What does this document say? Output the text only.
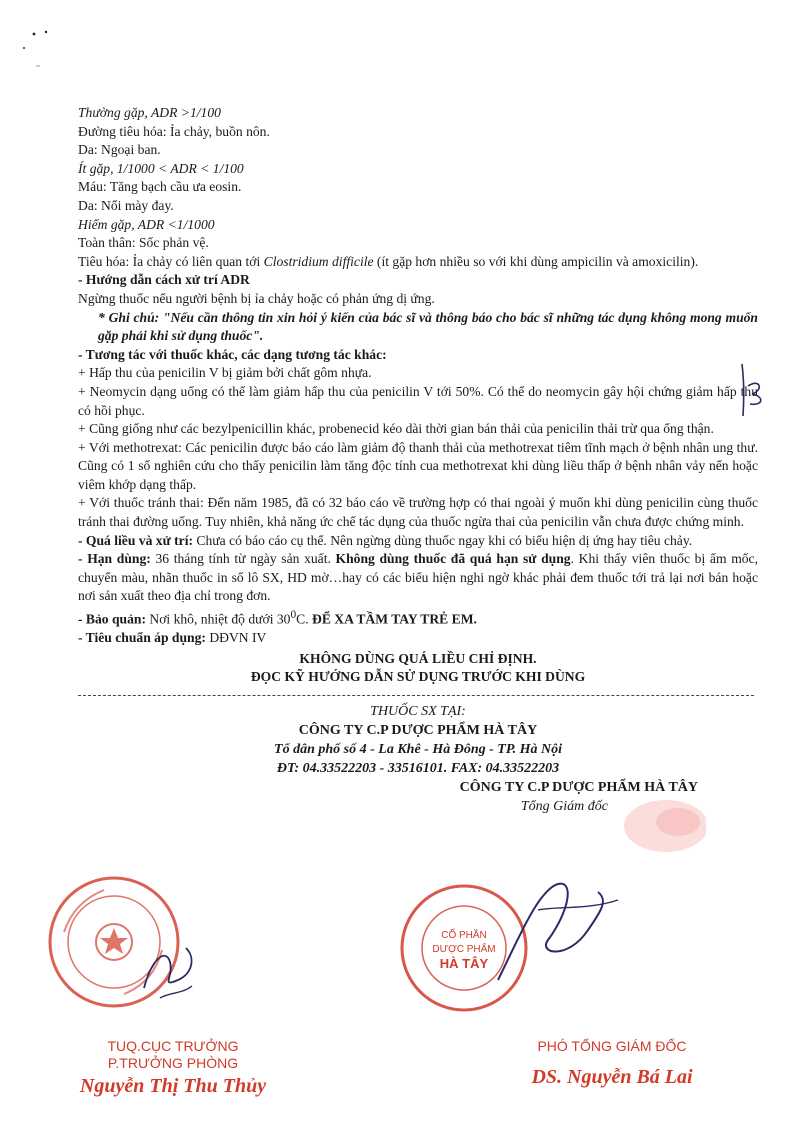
Thường gặp, ADR >1/100
Đường tiêu hóa: Ỉa chảy, buồn nôn.
Da: Ngoại ban.
Ít gặp, 1/1000 < ADR < 1/100
Máu: Tăng bạch cầu ưa eosin.
Da: Nổi mày đay.
Hiếm gặp, ADR <1/1000
Toàn thân: Sốc phản vệ.
Tiêu hóa: Ỉa chảy có liên quan tới Clostridium difficile (ít gặp hơn nhiều so với khi dùng ampicilin và amoxicilin).
- Hướng dẫn cách xử trí ADR
Ngừng thuốc nếu người bệnh bị ỉa chảy hoặc có phản ứng dị ứng.
* Ghi chú: "Nếu cần thông tin xin hỏi ý kiến của bác sĩ và thông báo cho bác sĩ những tác dụng không mong muốn gặp phải khi sử dụng thuốc".
- Tương tác với thuốc khác, các dạng tương tác khác:
+ Hấp thu của penicilin V bị giảm bởi chất gôm nhựa.
+ Neomycin dạng uống có thể làm giảm hấp thu của penicilin V tới 50%. Có thể do neomycin gây hội chứng giảm hấp thu có hồi phục.
+ Cũng giống như các bezylpenicillin khác, probenecid kéo dài thời gian bán thải của penicilin thải trừ qua ống thận.
+ Với methotrexat: Các penicilin được báo cáo làm giảm độ thanh thải của methotrexat tiêm tĩnh mạch ở bệnh nhân ung thư. Cũng có 1 số nghiên cứu cho thấy penicilin làm tăng độc tính cua methotrexat khi dùng liều thấp ở bệnh nhân vảy nến hoặc viêm khớp dạng thấp.
+ Với thuốc tránh thai: Đến năm 1985, đã có 32 báo cáo về trường hợp có thai ngoài ý muốn khi dùng penicilin cùng thuốc tránh thai đường uống. Tuy nhiên, khả năng ức chế tác dụng của thuốc ngừa thai của penicilin vẫn chưa được chứng minh.
- Quá liều và xử trí: Chưa có báo cáo cụ thể. Nên ngừng dùng thuốc ngay khi có biểu hiện dị ứng hay tiêu chảy.
- Hạn dùng: 36 tháng tính từ ngày sản xuất. Không dùng thuốc đã quá hạn sử dụng. Khi thấy viên thuốc bị ẩm mốc, chuyển màu, nhãn thuốc in số lô SX, HD mờ…hay có các biểu hiện nghi ngờ khác phải đem thuốc tới trả lại nơi bán hoặc nơi sản xuất theo địa chỉ trong đơn.
- Bảo quản: Nơi khô, nhiệt độ dưới $30^0C$. ĐỂ XA TẦM TAY TRẺ EM.
- Tiêu chuẩn áp dụng: DĐVN IV
KHÔNG DÙNG QUÁ LIỀU CHỈ ĐỊNH.
ĐỌC KỸ HƯỚNG DẪN SỬ DỤNG TRƯỚC KHI DÙNG
THUỐC SX TẠI:
CÔNG TY C.P DƯỢC PHẨM HÀ TÂY
Tổ dân phố số 4 - La Khê - Hà Đông - TP. Hà Nội
ĐT: 04.33522203 - 33516101. FAX: 04.33522203
CÔNG TY C.P DƯỢC PHẨM HÀ TÂY
Tổng Giám đốc
CỔ PHẦN
DƯỢC PHẨM
HÀ TÂY
TUQ.CỤC TRƯỞNG
P.TRƯỞNG PHÒNG
Nguyễn Thị Thu Thủy
PHÓ TỔNG GIÁM ĐỐC
DS. Nguyễn Bá Lai
